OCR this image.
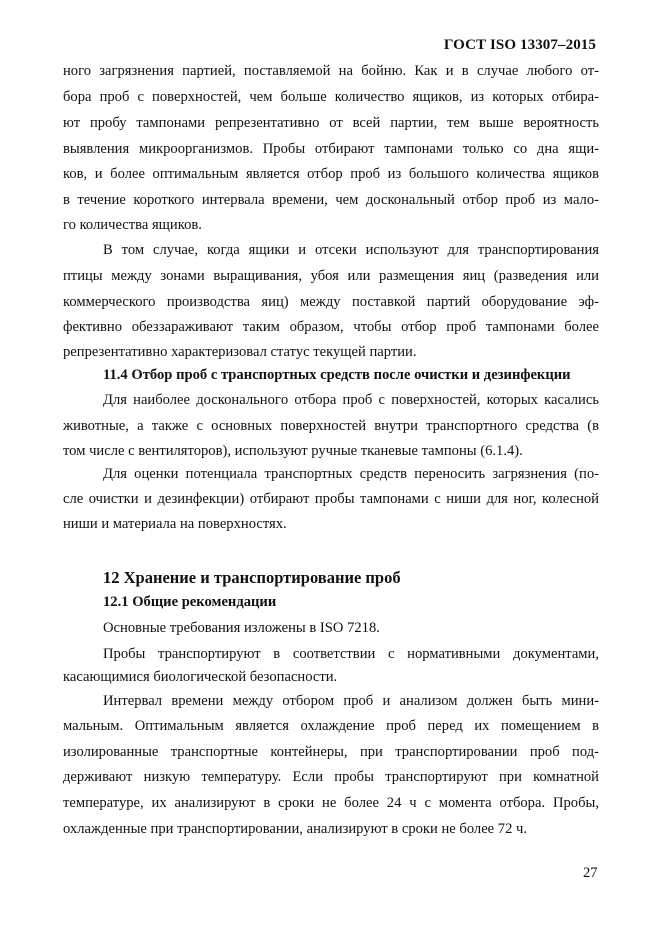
ГОСТ ISO 13307–2015
ного загрязнения партией, поставляемой на бойню. Как и в случае любого от-
бора проб с поверхностей, чем больше количество ящиков, из которых отбира-
ют пробу тампонами репрезентативно от всей партии, тем выше вероятность
выявления микроорганизмов. Пробы отбирают тампонами только со дна ящи-
ков, и более оптимальным является отбор проб из большого количества ящиков
в течение короткого интервала времени, чем доскональный отбор проб из мало-
го количества ящиков.
В том случае, когда ящики и отсеки используют для транспортирования
птицы между зонами выращивания, убоя или размещения яиц (разведения или
коммерческого производства яиц) между поставкой партий оборудование эф-
фективно обеззараживают таким образом, чтобы отбор проб тампонами более
репрезентативно характеризовал статус текущей партии.
11.4 Отбор проб с транспортных средств после очистки и дезинфекции
Для наиболее доскональногo отбора проб с поверхностей, которых касались
животные, а также с основных поверхностей внутри транспортного средства (в
том числе с вентиляторов), используют ручные тканевые тампоны (6.1.4).
Для оценки потенциала транспортных средств переносить загрязнения (по-
сле очистки и дезинфекции) отбирают пробы тампонами с ниши для ног, колесной
ниши и материала на поверхностях.
12 Хранение и транспортирование проб
12.1 Общие рекомендации
Основные требования изложены в ISO 7218.
Пробы транспортируют в соответствии с нормативными документами,
касающимися биологической безопасности.
Интервал времени между отбором проб и анализом должен быть мини-
мальным. Оптимальным является охлаждение проб перед их помещением в
изолированные транспортные контейнеры, при транспортировании проб под-
держивают низкую температуру. Если пробы транспортируют при комнатной
температуре, их анализируют в сроки не более 24 ч с момента отбора. Пробы,
охлажденные при транспортировании, анализируют в сроки не более 72 ч.
27
